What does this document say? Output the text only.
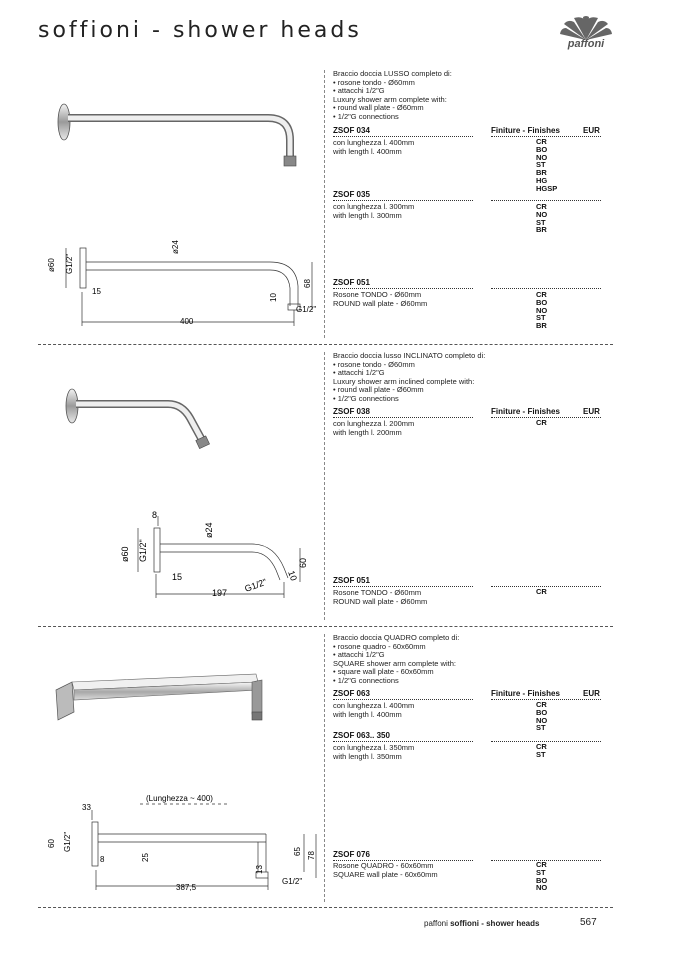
soffioni - shower heads
paffoni
ø60 G1/2"
ø24
15
400
10
68
G1/2"
Braccio doccia LUSSO completo di:
• rosone tondo - Ø60mm
• attacchi 1/2"G
Luxury shower arm complete with:
• round wall plate - Ø60mm
• 1/2"G connections
ZSOF 034	Finiture - Finishes	EUR
con lunghezza l. 400mm
with length l. 400mm
CR
BO
NO
ST
BR
HG
HGSP
ZSOF 035
con lunghezza l. 300mm
with length l. 300mm
CR
NO
ST
BR
ZSOF 051
Rosone TONDO - Ø60mm
ROUND wall plate - Ø60mm
CR
BO
NO
ST
BR
8
ø60 G1/2"
ø24
15
197
10
60
G1/2"
Braccio doccia lusso INCLINATO completo di:
• rosone tondo - Ø60mm
• attacchi 1/2"G
Luxury shower arm inclined complete with:
• round wall plate - Ø60mm
• 1/2"G connections
ZSOF 038	Finiture - Finishes	EUR
con lunghezza l. 200mm
with length l. 200mm
CR
ZSOF 051
Rosone TONDO - Ø60mm
ROUND wall plate - Ø60mm
CR
33
(Lunghezza ~ 400)
60 G1/2"
25
8
387,5
13
65 78
G1/2"
Braccio doccia QUADRO completo di:
• rosone quadro - 60x60mm
• attacchi 1/2"G
SQUARE shower arm complete with:
• square wall plate - 60x60mm
• 1/2"G connections
ZSOF 063	Finiture - Finishes	EUR
con lunghezza l. 400mm
with length l. 400mm
CR
BO
NO
ST
ZSOF 063.. 350
con lunghezza l. 350mm
with length l. 350mm
CR
ST
ZSOF 076
Rosone QUADRO - 60x60mm
SQUARE wall plate - 60x60mm
CR
ST
BO
NO
paffoni soffioni - shower heads	567
